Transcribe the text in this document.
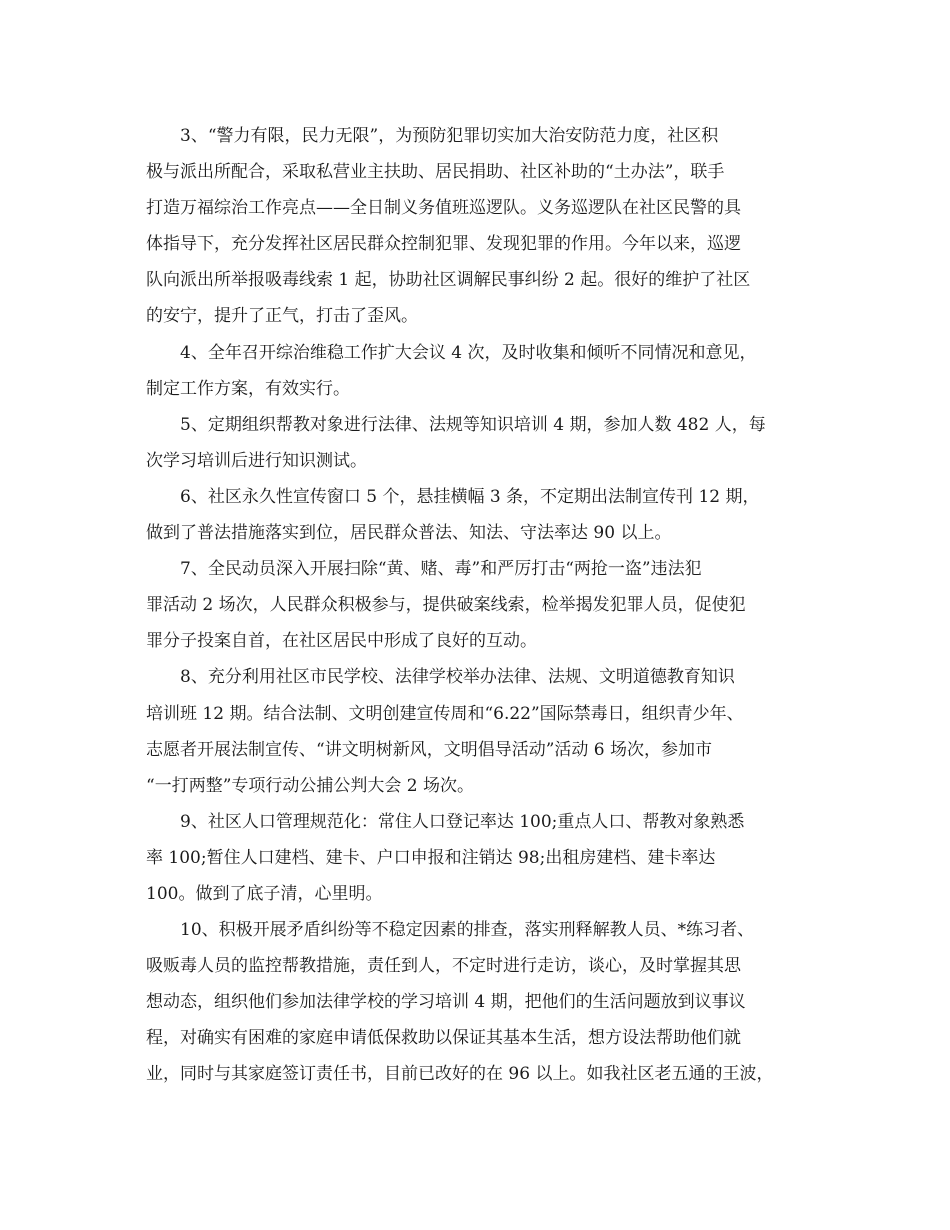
3、“警力有限，民力无限”，为预防犯罪切实加大治安防范力度，社区积
极与派出所配合，采取私营业主扶助、居民捐助、社区补助的“土办法”，联手
打造万福综治工作亮点——全日制义务值班巡逻队。义务巡逻队在社区民警的具
体指导下，充分发挥社区居民群众控制犯罪、发现犯罪的作用。今年以来，巡逻
队向派出所举报吸毒线索 1 起，协助社区调解民事纠纷 2 起。很好的维护了社区
的安宁，提升了正气，打击了歪风。
4、全年召开综治维稳工作扩大会议 4 次，及时收集和倾听不同情况和意见，
制定工作方案，有效实行。
5、定期组织帮教对象进行法律、法规等知识培训 4 期，参加人数 482 人，每
次学习培训后进行知识测试。
6、社区永久性宣传窗口 5 个，悬挂横幅 3 条，不定期出法制宣传刊 12 期，
做到了普法措施落实到位，居民群众普法、知法、守法率达 90 以上。
7、全民动员深入开展扫除“黄、赌、毒”和严厉打击“两抢一盗”违法犯
罪活动 2 场次，人民群众积极参与，提供破案线索，检举揭发犯罪人员，促使犯
罪分子投案自首，在社区居民中形成了良好的互动。
8、充分利用社区市民学校、法律学校举办法律、法规、文明道德教育知识
培训班 12 期。结合法制、文明创建宣传周和“6.22”国际禁毒日，组织青少年、
志愿者开展法制宣传、“讲文明树新风，文明倡导活动”活动 6 场次，参加市
“一打两整”专项行动公捕公判大会 2 场次。
9、社区人口管理规范化：常住人口登记率达 100;重点人口、帮教对象熟悉
率 100;暂住人口建档、建卡、户口申报和注销达 98;出租房建档、建卡率达
100。做到了底子清，心里明。
10、积极开展矛盾纠纷等不稳定因素的排查，落实刑释解教人员、*练习者、
吸贩毒人员的监控帮教措施，责任到人，不定时进行走访，谈心，及时掌握其思
想动态，组织他们参加法律学校的学习培训 4 期，把他们的生活问题放到议事议
程，对确实有困难的家庭申请低保救助以保证其基本生活，想方设法帮助他们就
业，同时与其家庭签订责任书，目前已改好的在 96 以上。如我社区老五通的王波，
